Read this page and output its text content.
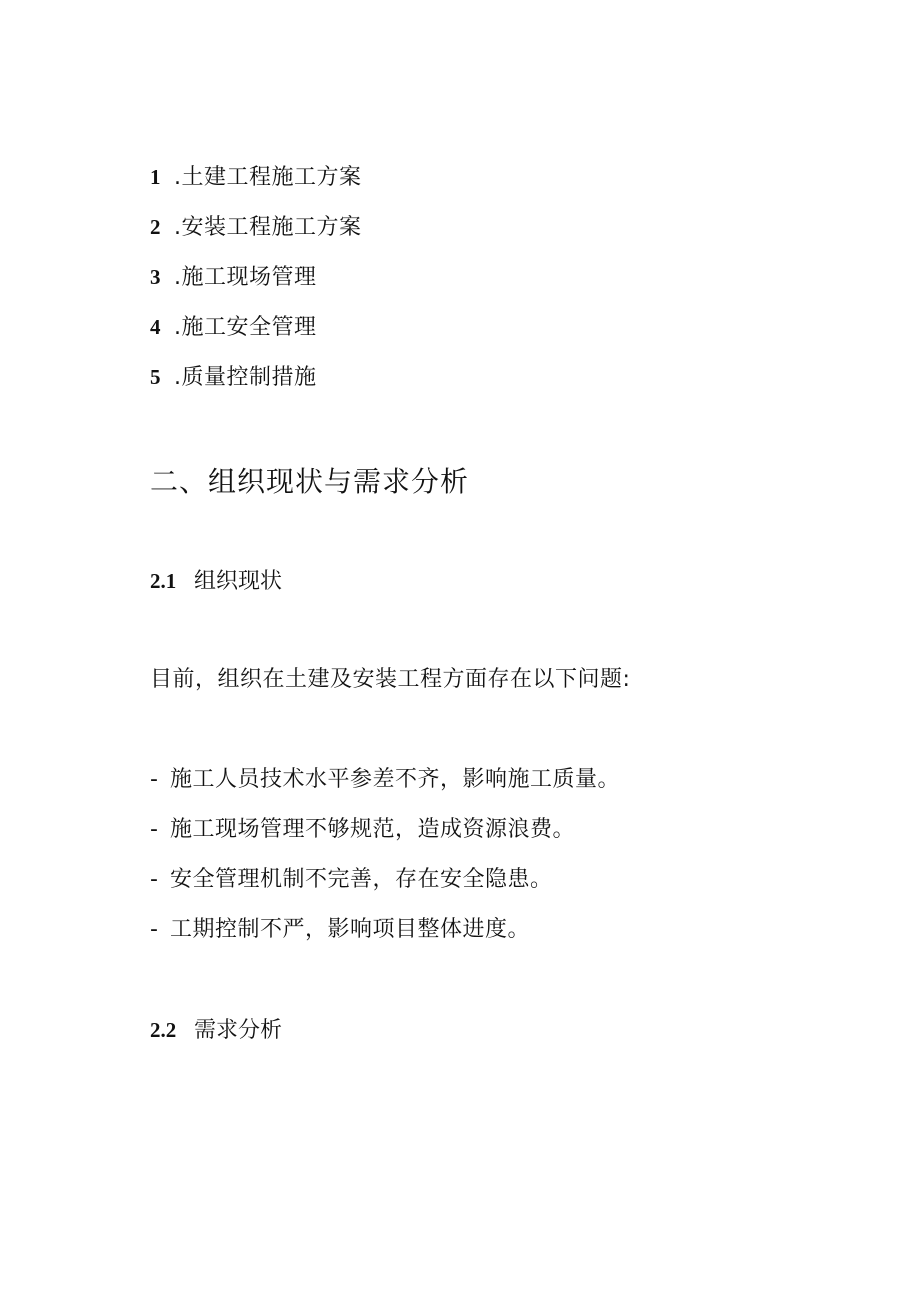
1 .土建工程施工方案
2 .安装工程施工方案
3 .施工现场管理
4 .施工安全管理
5 .质量控制措施
二、组织现状与需求分析
2.1 组织现状
目前，组织在土建及安装工程方面存在以下问题:
- 施工人员技术水平参差不齐，影响施工质量。
- 施工现场管理不够规范，造成资源浪费。
- 安全管理机制不完善，存在安全隐患。
- 工期控制不严，影响项目整体进度。
2.2 需求分析
